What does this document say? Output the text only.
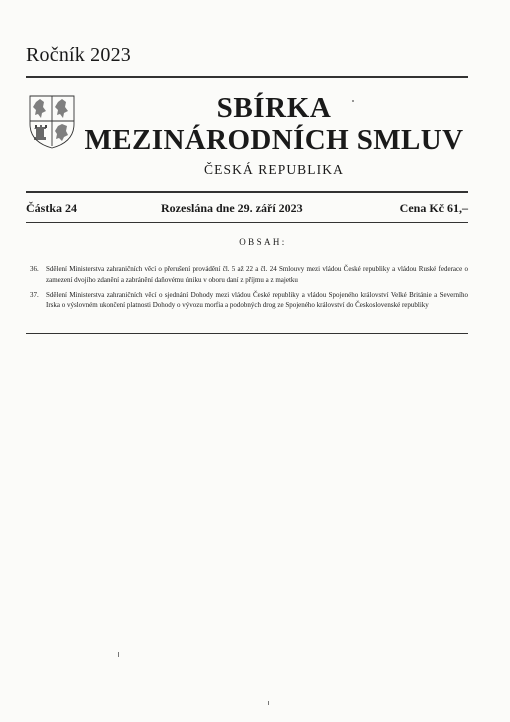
Ročník 2023
SBÍRKA
MEZINÁRODNÍCH SMLUV
ČESKÁ REPUBLIKA
Částka 24	Rozeslána dne 29. září 2023	Cena Kč 61,–
OBSAH:
36. Sdělení Ministerstva zahraničních věcí o přerušení provádění čl. 5 až 22 a čl. 24 Smlouvy mezi vládou České republiky a vládou Ruské federace o zamezení dvojího zdanění a zabránění daňovému úniku v oboru daní z příjmu a z majetku
37. Sdělení Ministerstva zahraničních věcí o sjednání Dohody mezi vládou České republiky a vládou Spojeného království Velké Británie a Severního Irska o výslovném ukončení platnosti Dohody o vývozu morfia a podobných drog ze Spojeného království do Československé republiky
